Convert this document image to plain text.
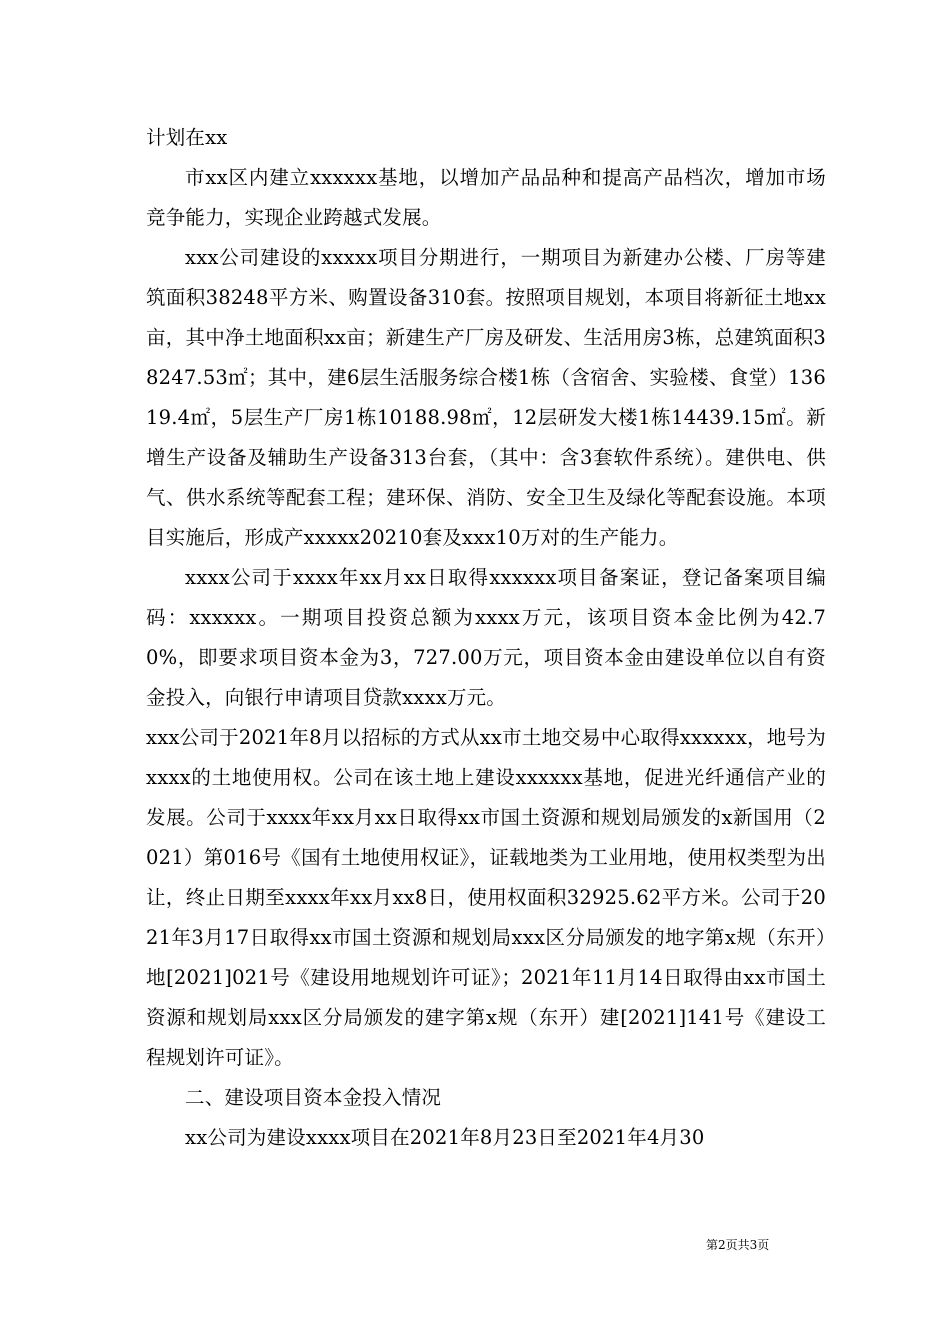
计划在xx

市xx区内建立xxxxxx基地，以增加产品品种和提高产品档次，增加市场竞争能力，实现企业跨越式发展。

xxx公司建设的xxxxx项目分期进行，一期项目为新建办公楼、厂房等建筑面积38248平方米、购置设备310套。按照项目规划，本项目将新征土地xx亩，其中净土地面积xx亩；新建生产厂房及研发、生活用房3栋，总建筑面积38247.53㎡；其中，建6层生活服务综合楼1栋（含宿舍、实验楼、食堂）13619.4㎡，5层生产厂房1栋10188.98㎡，12层研发大楼1栋14439.15㎡。新增生产设备及辅助生产设备313台套，（其中：含3套软件系统）。建供电、供气、供水系统等配套工程；建环保、消防、安全卫生及绿化等配套设施。本项目实施后，形成产xxxxx20210套及xxx10万对的生产能力。

xxxx公司于xxxx年xx月xx日取得xxxxxx项目备案证，登记备案项目编码：xxxxxx。一期项目投资总额为xxxx万元，该项目资本金比例为42.70%，即要求项目资本金为3，727.00万元，项目资本金由建设单位以自有资金投入，向银行申请项目贷款xxxx万元。

xxx公司于2021年8月以招标的方式从xx市土地交易中心取得xxxxxx，地号为xxxx的土地使用权。公司在该土地上建设xxxxxx基地，促进光纤通信产业的发展。公司于xxxx年xx月xx日取得xx市国土资源和规划局颁发的x新国用（2021）第016号《国有土地使用权证》，证载地类为工业用地，使用权类型为出让，终止日期至xxxx年xx月xx8日，使用权面积32925.62平方米。公司于2021年3月17日取得xx市国土资源和规划局xxx区分局颁发的地字第x规（东开）地[2021]021号《建设用地规划许可证》；2021年11月14日取得由xx市国土资源和规划局xxx区分局颁发的建字第x规（东开）建[2021]141号《建设工程规划许可证》。

二、建设项目资本金投入情况

xx公司为建设xxxx项目在2021年8月23日至2021年4月30

第2页共3页
